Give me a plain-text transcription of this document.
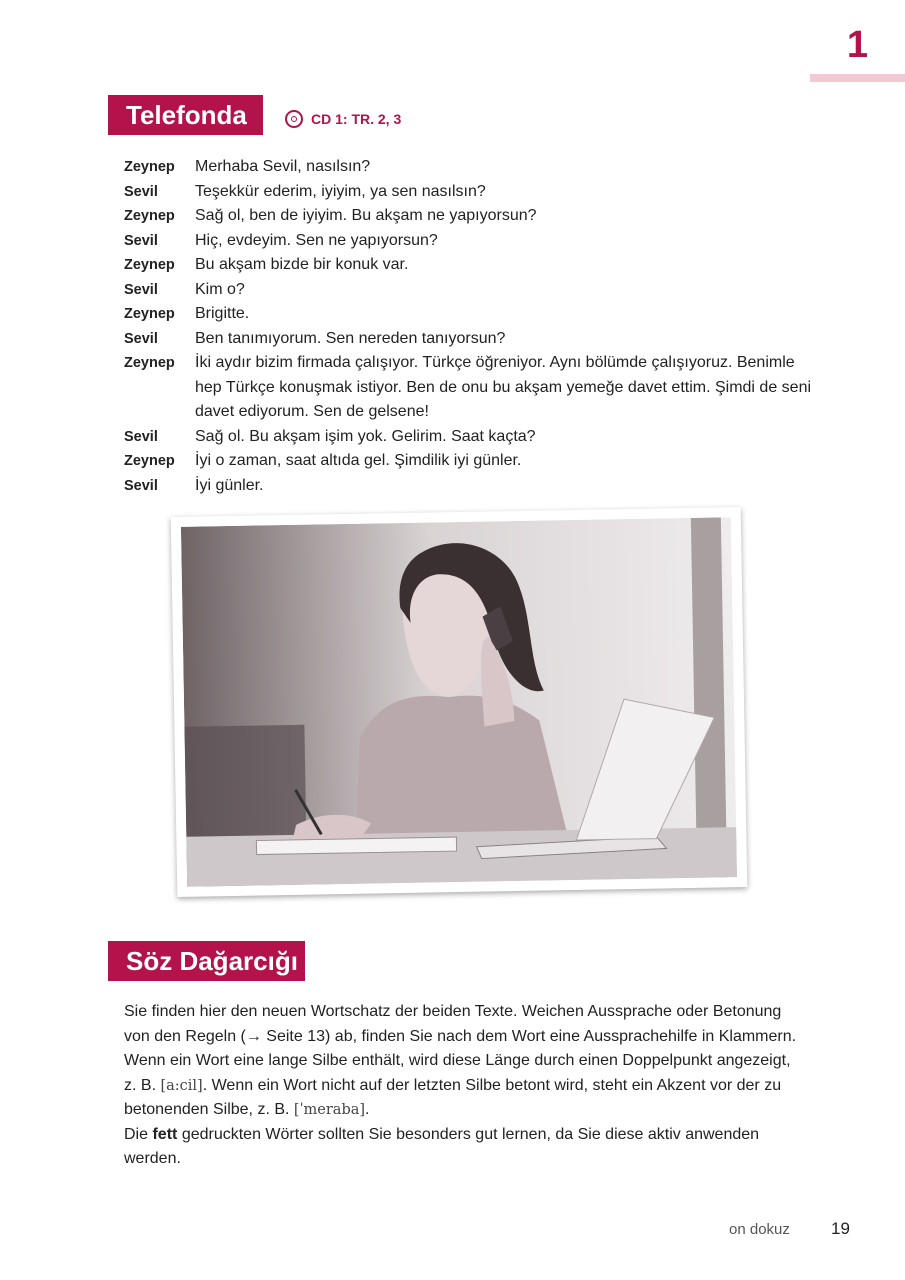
1
Telefonda	CD 1: TR. 2, 3
Zeynep	Merhaba Sevil, nasılsın?
Sevil	Teşekkür ederim, iyiyim, ya sen nasılsın?
Zeynep	Sağ ol, ben de iyiyim. Bu akşam ne yapıyorsun?
Sevil	Hiç, evdeyim. Sen ne yapıyorsun?
Zeynep	Bu akşam bizde bir konuk var.
Sevil	Kim o?
Zeynep	Brigitte.
Sevil	Ben tanımıyorum. Sen nereden tanıyorsun?
Zeynep	İki aydır bizim firmada çalışıyor. Türkçe öğreniyor. Aynı bölümde çalışıyoruz. Benimle hep Türkçe konuşmak istiyor. Ben de onu bu akşam yemeğe davet ettim. Şimdi de seni davet ediyorum. Sen de gelsene!
Sevil	Sağ ol. Bu akşam işim yok. Gelirim. Saat kaçta?
Zeynep	İyi o zaman, saat altıda gel. Şimdilik iyi günler.
Sevil	İyi günler.
Söz Dağarcığı

Sie finden hier den neuen Wortschatz der beiden Texte. Weichen Aussprache oder Betonung von den Regeln (→ Seite 13) ab, finden Sie nach dem Wort eine Aussprachehilfe in Klammern. Wenn ein Wort eine lange Silbe enthält, wird diese Länge durch einen Doppelpunkt angezeigt, z. B. [a:cil]. Wenn ein Wort nicht auf der letzten Silbe betont wird, steht ein Akzent vor der zu betonenden Silbe, z. B. [ˈmeraba].

Die fett gedruckten Wörter sollten Sie besonders gut lernen, da Sie diese aktiv anwenden werden.

on dokuz 19
